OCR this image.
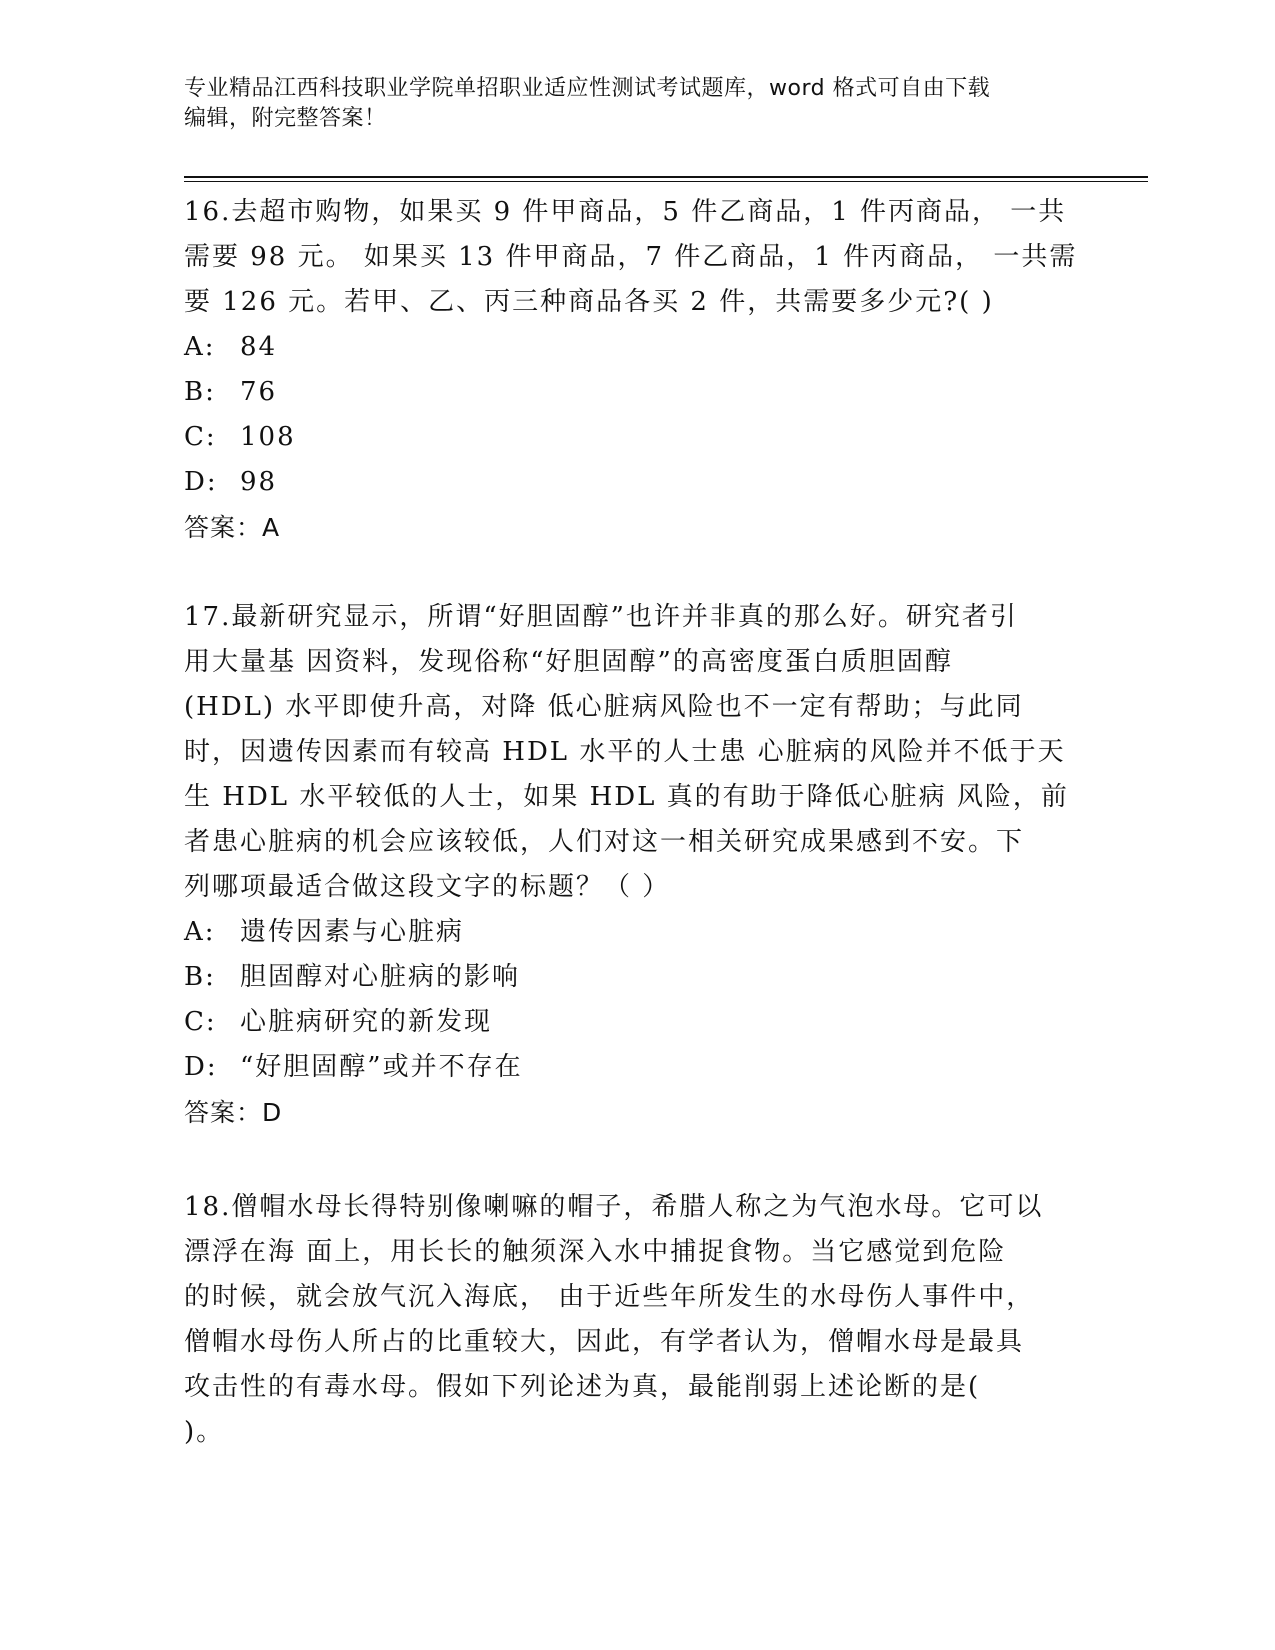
专业精品江西科技职业学院单招职业适应性测试考试题库，word 格式可自由下载
编辑，附完整答案！
16.去超市购物，如果买 9 件甲商品，5 件乙商品，1 件丙商品， 一共
需要 98 元。 如果买 13 件甲商品，7 件乙商品，1 件丙商品， 一共需
要 126 元。若甲、乙、丙三种商品各买 2 件，共需要多少元?( )
A: 84
B: 76
C: 108
D: 98
答案：A
17.最新研究显示，所谓“好胆固醇”也许并非真的那么好。研究者引
用大量基 因资料，发现俗称“好胆固醇”的高密度蛋白质胆固醇
(HDL) 水平即使升高，对降 低心脏病风险也不一定有帮助；与此同
时，因遗传因素而有较高 HDL 水平的人士患 心脏病的风险并不低于天
生 HDL 水平较低的人士，如果 HDL 真的有助于降低心脏病 风险，前
者患心脏病的机会应该较低，人们对这一相关研究成果感到不安。下
列哪项最适合做这段文字的标题？（ ）
A: 遗传因素与心脏病
B: 胆固醇对心脏病的影响
C: 心脏病研究的新发现
D: “好胆固醇”或并不存在
答案：D
18.僧帽水母长得特别像喇嘛的帽子，希腊人称之为气泡水母。它可以
漂浮在海 面上，用长长的触须深入水中捕捉食物。当它感觉到危险
的时候，就会放气沉入海底， 由于近些年所发生的水母伤人事件中，
僧帽水母伤人所占的比重较大，因此，有学者认为，僧帽水母是最具
攻击性的有毒水母。假如下列论述为真，最能削弱上述论断的是(
)。
